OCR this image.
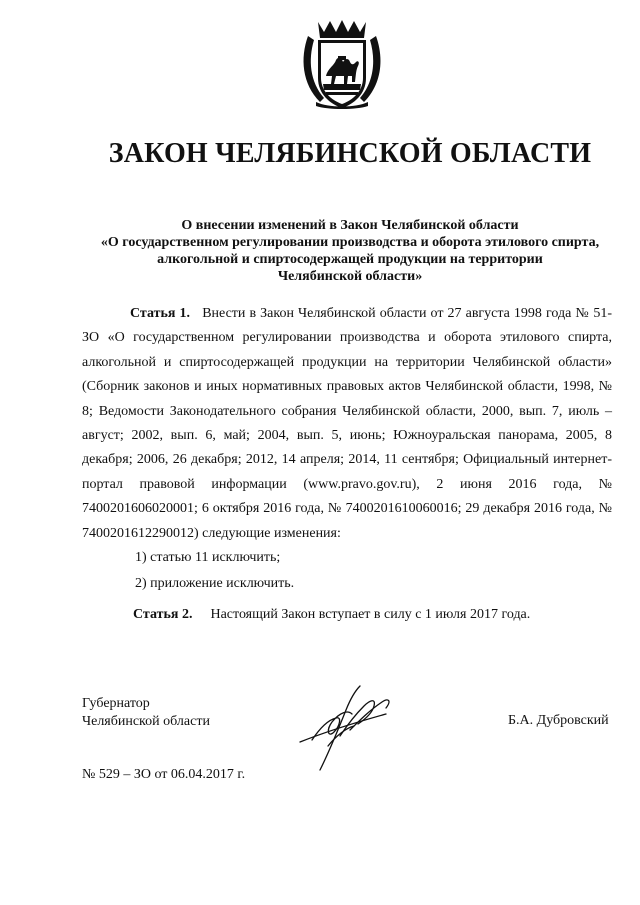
ЗАКОН ЧЕЛЯБИНСКОЙ ОБЛАСТИ
О внесении изменений в Закон Челябинской области
«О государственном регулировании производства и оборота этилового спирта,
алкогольной и спиртосодержащей продукции на территории
Челябинской области»
Статья 1. Внести в Закон Челябинской области от 27 августа 1998 года № 51-ЗО «О государственном регулировании производства и оборота этилового спирта, алкогольной и спиртосодержащей продукции на территории Челябинской области» (Сборник законов и иных нормативных правовых актов Челябинской области, 1998, № 8; Ведомости Законодательного собрания Челябинской области, 2000, вып. 7, июль – август; 2002, вып. 6, май; 2004, вып. 5, июнь; Южноуральская панорама, 2005, 8 декабря; 2006, 26 декабря; 2012, 14 апреля; 2014, 11 сентября; Официальный интернет-портал правовой информации (www.pravo.gov.ru), 2 июня 2016 года, № 7400201606020001; 6 октября 2016 года, № 7400201610060016; 29 декабря 2016 года, № 7400201612290012) следующие изменения:
1) статью 11 исключить;
2) приложение исключить.
Статья 2. Настоящий Закон вступает в силу с 1 июля 2017 года.
Губернатор
Челябинской области	Б.А. Дубровский
№ 529 – ЗО от 06.04.2017 г.
